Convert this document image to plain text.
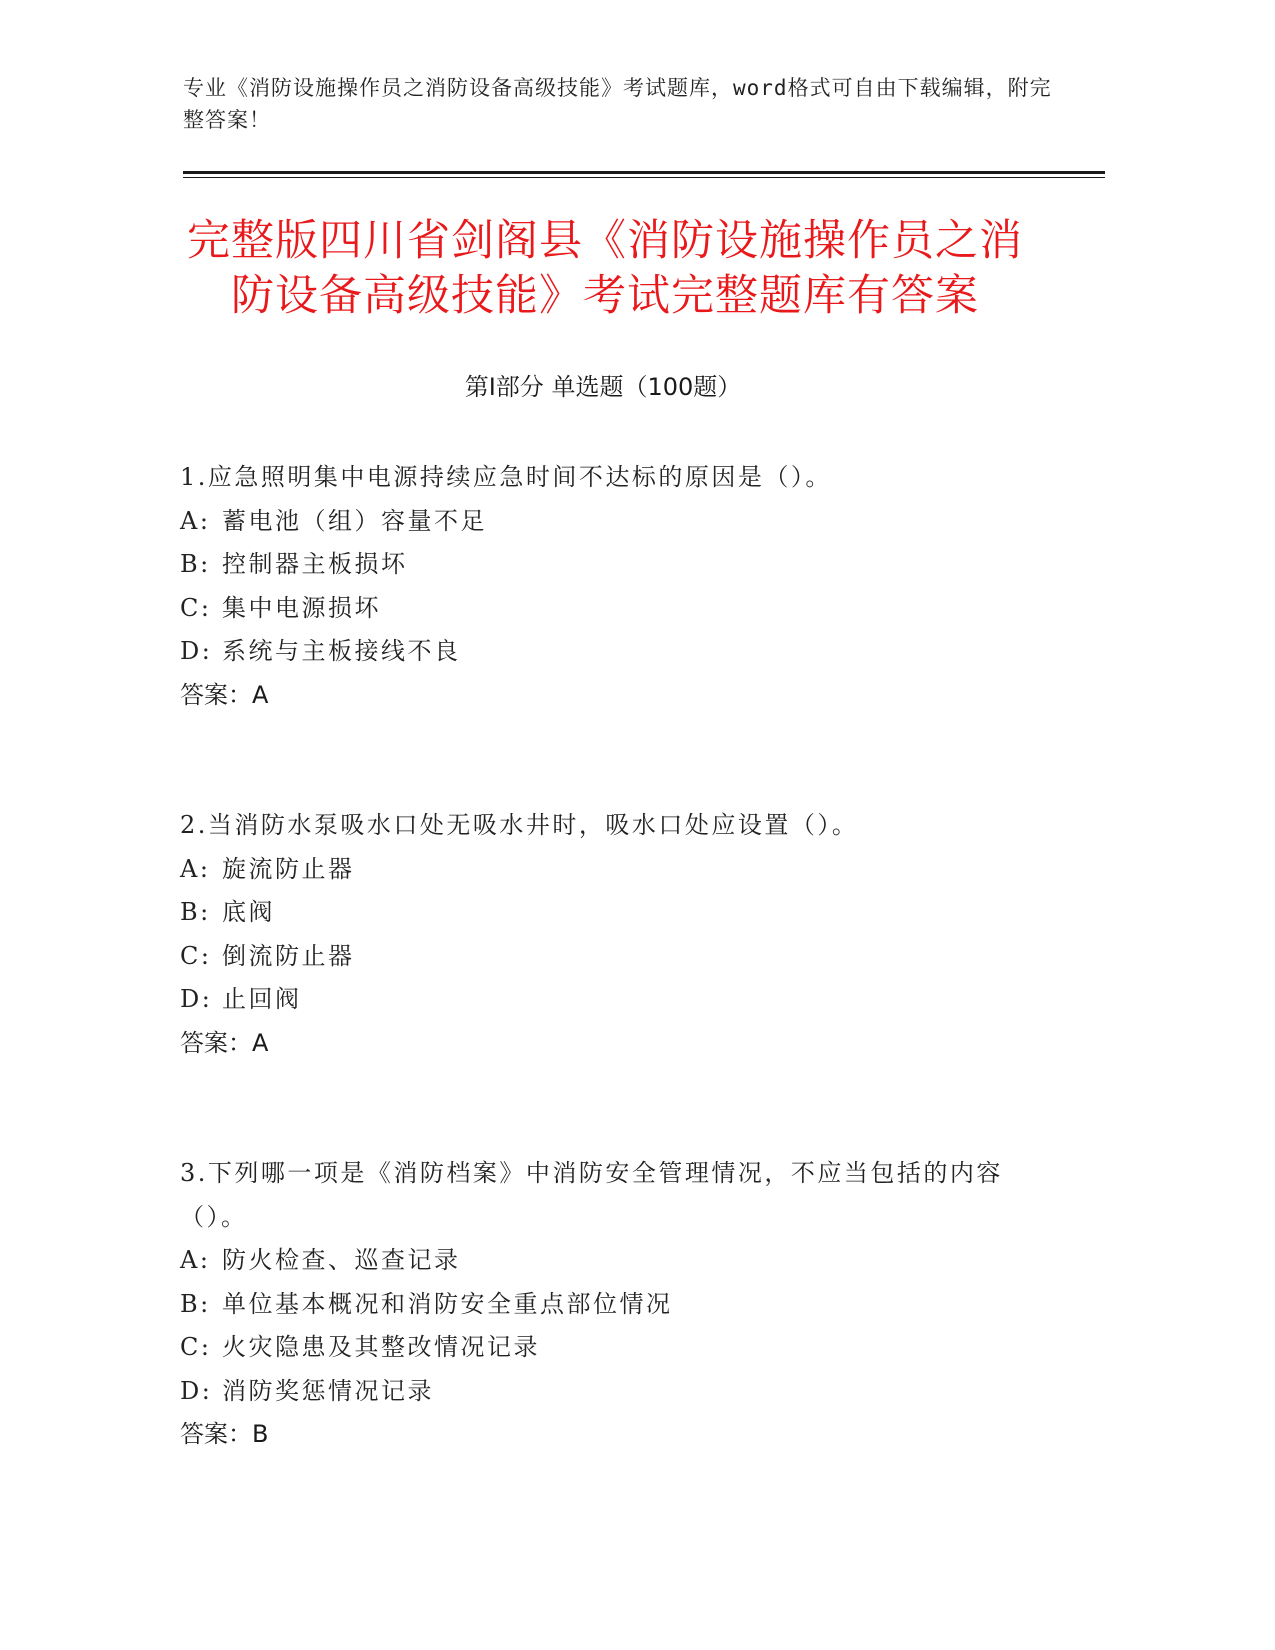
专业《消防设施操作员之消防设备高级技能》考试题库，word格式可自由下载编辑，附完整答案！
完整版四川省剑阁县《消防设施操作员之消防设备高级技能》考试完整题库有答案
第Ⅰ部分 单选题（100题）
1.应急照明集中电源持续应急时间不达标的原因是（）。
A: 蓄电池（组）容量不足
B: 控制器主板损坏
C: 集中电源损坏
D: 系统与主板接线不良
答案：A
2.当消防水泵吸水口处无吸水井时，吸水口处应设置（）。
A: 旋流防止器
B: 底阀
C: 倒流防止器
D: 止回阀
答案：A
3.下列哪一项是《消防档案》中消防安全管理情况，不应当包括的内容（）。
A: 防火检查、巡查记录
B: 单位基本概况和消防安全重点部位情况
C: 火灾隐患及其整改情况记录
D: 消防奖惩情况记录
答案：B
